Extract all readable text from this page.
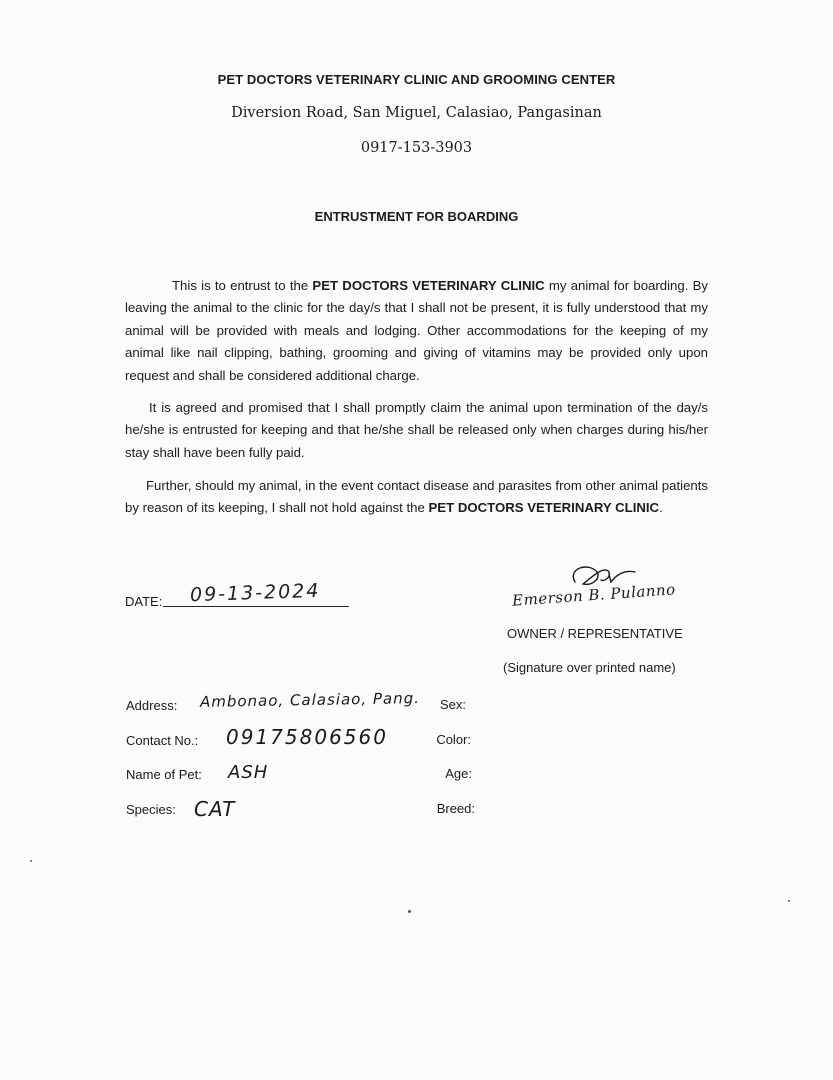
PET DOCTORS VETERINARY CLINIC AND GROOMING CENTER
Diversion Road, San Miguel, Calasiao, Pangasinan
0917-153-3903
ENTRUSTMENT FOR BOARDING

This is to entrust to the PET DOCTORS VETERINARY CLINIC my animal for boarding. By leaving the animal to the clinic for the day/s that I shall not be present, it is fully understood that my animal will be provided with meals and lodging. Other accommodations for the keeping of my animal like nail clipping, bathing, grooming and giving of vitamins may be provided only upon request and shall be considered additional charge.

It is agreed and promised that I shall promptly claim the animal upon termination of the day/s he/she is entrusted for keeping and that he/she shall be released only when charges during his/her stay shall have been fully paid.

Further, should my animal, in the event contact disease and parasites from other animal patients by reason of its keeping, I shall not hold against the PET DOCTORS VETERINARY CLINIC.

DATE: 09-13-2024	Emerson B. Pulanno
OWNER / REPRESENTATIVE
(Signature over printed name)
Address: Ambonao, Calasiao, Pang.
Contact No.: 09175806560
Name of Pet: ASH
Species: CAT
Sex:
Color:
Age:
Breed:
